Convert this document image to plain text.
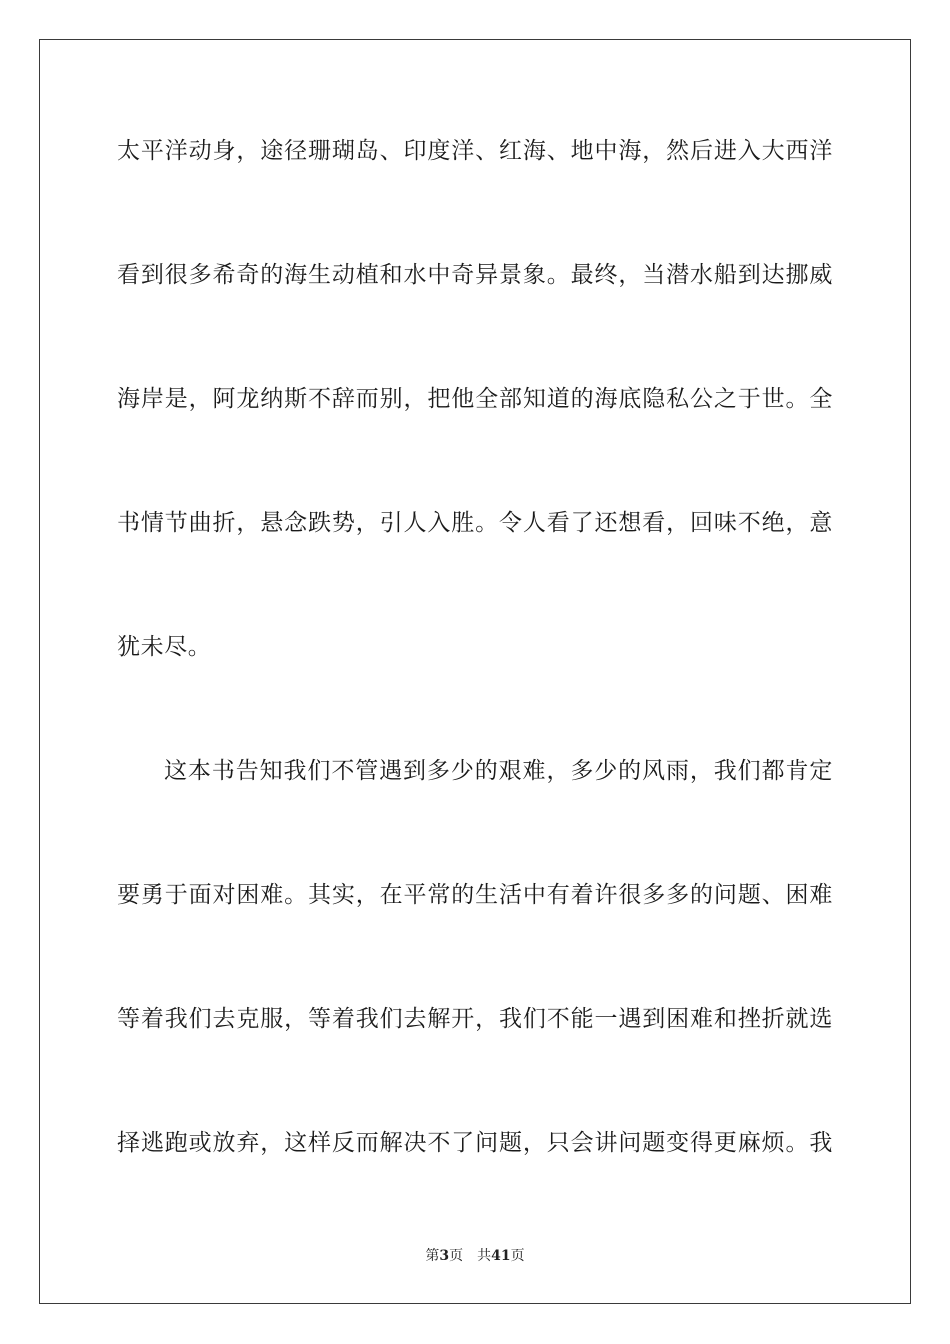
太平洋动身，途径珊瑚岛、印度洋、红海、地中海，然后进入大西洋
看到很多希奇的海生动植和水中奇异景象。最终，当潜水船到达挪威
海岸是，阿龙纳斯不辞而别，把他全部知道的海底隐私公之于世。全
书情节曲折，悬念跌势，引人入胜。令人看了还想看，回味不绝，意
犹未尽。
这本书告知我们不管遇到多少的艰难，多少的风雨，我们都肯定
要勇于面对困难。其实，在平常的生活中有着许很多多的问题、困难
等着我们去克服，等着我们去解开，我们不能一遇到困难和挫折就选
择逃跑或放弃，这样反而解决不了问题，只会讲问题变得更麻烦。我
第3页 共41页
